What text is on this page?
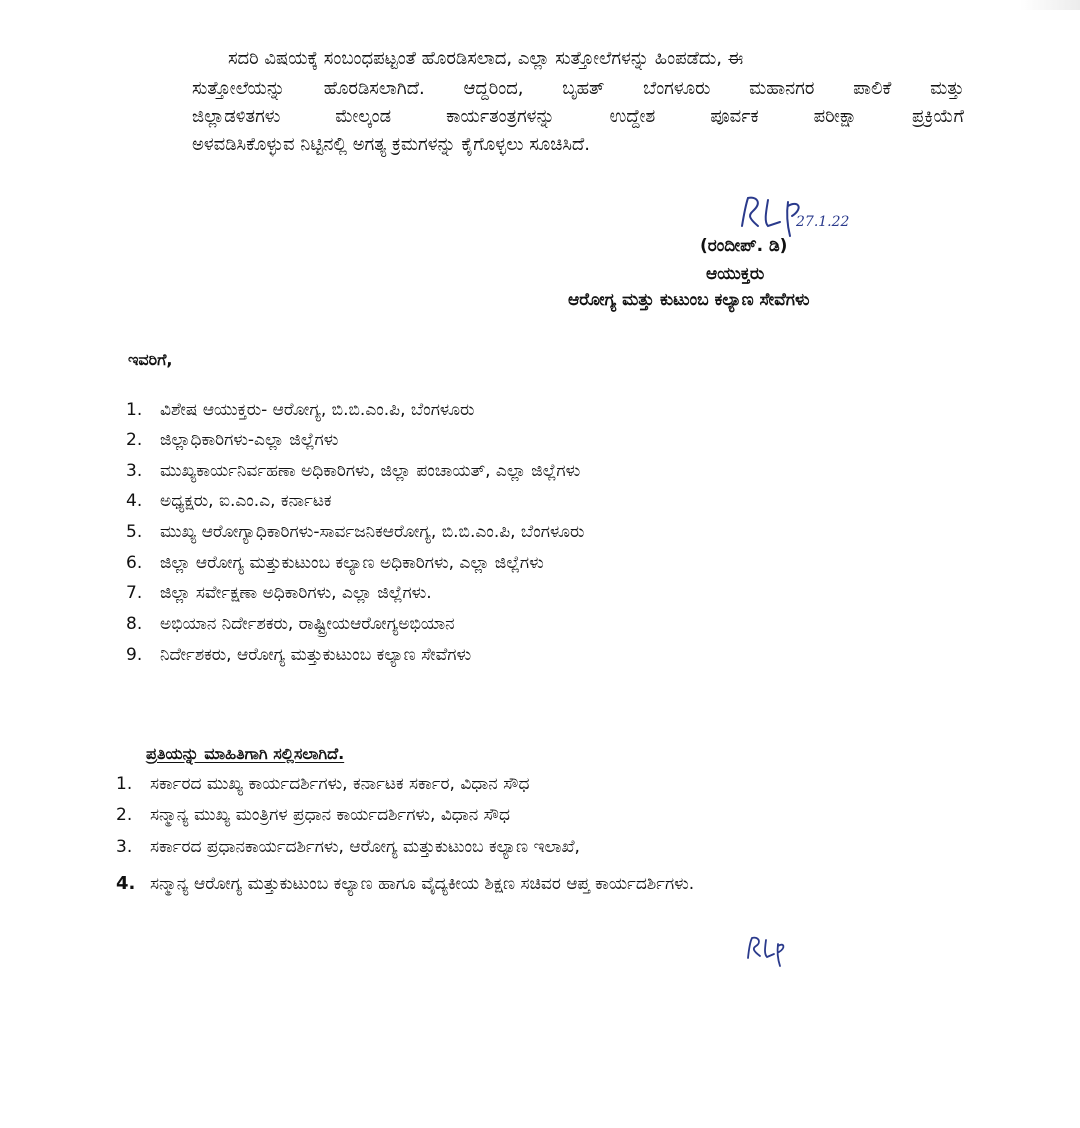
ಸದರಿ ವಿಷಯಕ್ಕೆ ಸಂಬಂಧಪಟ್ಟಂತೆ ಹೊರಡಿಸಲಾದ, ಎಲ್ಲಾ ಸುತ್ತೋಲೆಗಳನ್ನು ಹಿಂಪಡೆದು, ಈ
ಸುತ್ತೋಲೆಯನ್ನು ಹೊರಡಿಸಲಾಗಿದೆ. ಆದ್ದರಿಂದ, ಬೃಹತ್ ಬೆಂಗಳೂರು ಮಹಾನಗರ ಪಾಲಿಕೆ ಮತ್ತು
ಜಿಲ್ಲಾಡಳಿತಗಳು ಮೇಲ್ಕಂಡ ಕಾರ್ಯತಂತ್ರಗಳನ್ನು ಉದ್ದೇಶ ಪೂರ್ವಕ ಪರೀಕ್ಷಾ ಪ್ರಕ್ರಿಯೆಗೆ
ಅಳವಡಿಸಿಕೊಳ್ಳುವ ನಿಟ್ಟಿನಲ್ಲಿ ಅಗತ್ಯ ಕ್ರಮಗಳನ್ನು ಕೈಗೊಳ್ಳಲು ಸೂಚಿಸಿದೆ.
27.1.22
(ರಂದೀಪ್. ಡಿ)
ಆಯುಕ್ತರು
ಆರೋಗ್ಯ ಮತ್ತು ಕುಟುಂಬ ಕಲ್ಯಾಣ ಸೇವೆಗಳು
ಇವರಿಗೆ,
1.	ವಿಶೇಷ ಆಯುಕ್ತರು- ಆರೋಗ್ಯ, ಬಿ.ಬಿ.ಎಂ.ಪಿ, ಬೆಂಗಳೂರು
2.	ಜಿಲ್ಲಾಧಿಕಾರಿಗಳು-ಎಲ್ಲಾ ಜಿಲ್ಲೆಗಳು
3.	ಮುಖ್ಯಕಾರ್ಯನಿರ್ವಹಣಾ ಅಧಿಕಾರಿಗಳು, ಜಿಲ್ಲಾ ಪಂಚಾಯತ್, ಎಲ್ಲಾ ಜಿಲ್ಲೆಗಳು
4.	ಅಧ್ಯಕ್ಷರು, ಐ.ಎಂ.ಎ, ಕರ್ನಾಟಕ
5.	ಮುಖ್ಯ ಆರೋಗ್ಯಾಧಿಕಾರಿಗಳು-ಸಾರ್ವಜನಿಕಆರೋಗ್ಯ, ಬಿ.ಬಿ.ಎಂ.ಪಿ, ಬೆಂಗಳೂರು
6.	ಜಿಲ್ಲಾ ಆರೋಗ್ಯ ಮತ್ತುಕುಟುಂಬ ಕಲ್ಯಾಣ ಅಧಿಕಾರಿಗಳು, ಎಲ್ಲಾ ಜಿಲ್ಲೆಗಳು
7.	ಜಿಲ್ಲಾ ಸರ್ವೇಕ್ಷಣಾ ಅಧಿಕಾರಿಗಳು, ಎಲ್ಲಾ ಜಿಲ್ಲೆಗಳು.
8.	ಅಭಿಯಾನ ನಿರ್ದೇಶಕರು, ರಾಷ್ಟ್ರೀಯಆರೋಗ್ಯಅಭಿಯಾನ
9.	ನಿರ್ದೇಶಕರು, ಆರೋಗ್ಯ ಮತ್ತುಕುಟುಂಬ ಕಲ್ಯಾಣ ಸೇವೆಗಳು
ಪ್ರತಿಯನ್ನು ಮಾಹಿತಿಗಾಗಿ ಸಲ್ಲಿಸಲಾಗಿದೆ.
1.	ಸರ್ಕಾರದ ಮುಖ್ಯ ಕಾರ್ಯದರ್ಶಿಗಳು, ಕರ್ನಾಟಕ ಸರ್ಕಾರ, ವಿಧಾನ ಸೌಧ
2.	ಸನ್ಮಾನ್ಯ ಮುಖ್ಯ ಮಂತ್ರಿಗಳ ಪ್ರಧಾನ ಕಾರ್ಯದರ್ಶಿಗಳು, ವಿಧಾನ ಸೌಧ
3.	ಸರ್ಕಾರದ ಪ್ರಧಾನಕಾರ್ಯದರ್ಶಿಗಳು, ಆರೋಗ್ಯ ಮತ್ತುಕುಟುಂಬ ಕಲ್ಯಾಣ ಇಲಾಖೆ,
4. ಸನ್ಮಾನ್ಯ ಆರೋಗ್ಯ ಮತ್ತುಕುಟುಂಬ ಕಲ್ಯಾಣ ಹಾಗೂ ವೈದ್ಯಕೀಯ ಶಿಕ್ಷಣ ಸಚಿವರ ಆಪ್ತ ಕಾರ್ಯದರ್ಶಿಗಳು.
